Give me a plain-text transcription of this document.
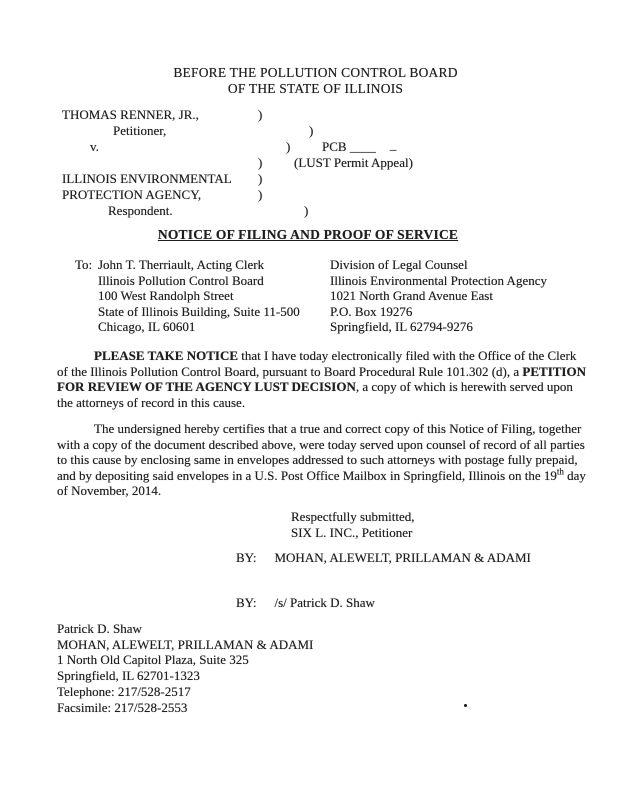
BEFORE THE POLLUTION CONTROL BOARD
OF THE STATE OF ILLINOIS
THOMAS RENNER, JR.,	)
Petitioner,	)
v.	)	PCB ____ _
)	(LUST Permit Appeal)
ILLINOIS ENVIRONMENTAL	)
PROTECTION AGENCY,	)
Respondent.	)
NOTICE OF FILING AND PROOF OF SERVICE
To: John T. Therriault, Acting Clerk
Illinois Pollution Control Board
100 West Randolph Street
State of Illinois Building, Suite 11-500
Chicago, IL 60601
Division of Legal Counsel
Illinois Environmental Protection Agency
1021 North Grand Avenue East
P.O. Box 19276
Springfield, IL 62794-9276

PLEASE TAKE NOTICE that I have today electronically filed with the Office of the Clerk of the Illinois Pollution Control Board, pursuant to Board Procedural Rule 101.302 (d), a PETITION FOR REVIEW OF THE AGENCY LUST DECISION, a copy of which is herewith served upon the attorneys of record in this cause.

The undersigned hereby certifies that a true and correct copy of this Notice of Filing, together with a copy of the document described above, were today served upon counsel of record of all parties to this cause by enclosing same in envelopes addressed to such attorneys with postage fully prepaid, and by depositing said envelopes in a U.S. Post Office Mailbox in Springfield, Illinois on the 19th day of November, 2014.

Respectfully submitted,
SIX L. INC., Petitioner
BY: MOHAN, ALEWELT, PRILLAMAN & ADAMI
BY: /s/ Patrick D. Shaw
Patrick D. Shaw
MOHAN, ALEWELT, PRILLAMAN & ADAMI
1 North Old Capitol Plaza, Suite 325
Springfield, IL 62701-1323
Telephone: 217/528-2517
Facsimile: 217/528-2553
